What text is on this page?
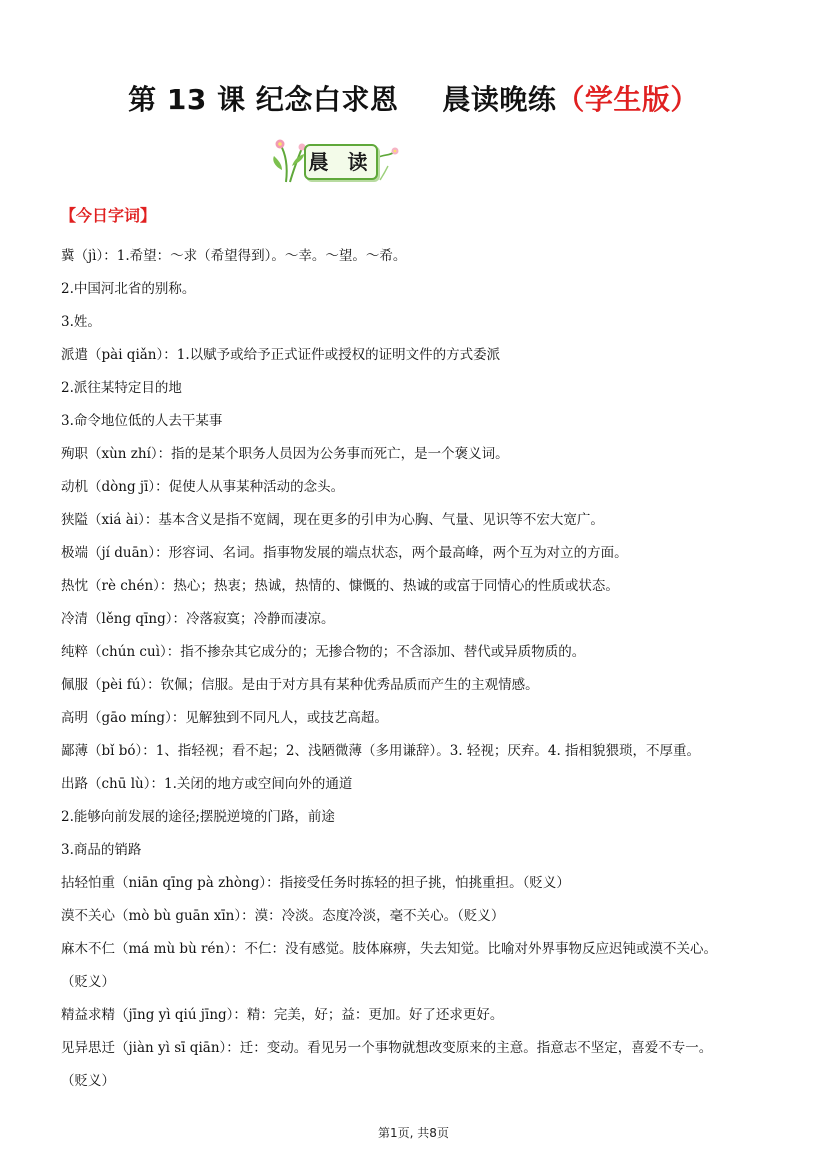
第 13 课 纪念白求恩 晨读晚练（学生版）
晨 读
【今日字词】
冀（jì）：1.希望：～求（希望得到）。～幸。～望。～希。
2.中国河北省的别称。
3.姓。
派遣（pài qiǎn）：1.以赋予或给予正式证件或授权的证明文件的方式委派
2.派往某特定目的地
3.命令地位低的人去干某事
殉职（xùn zhí）：指的是某个职务人员因为公务事而死亡，是一个褒义词。
动机（dòng jī）：促使人从事某种活动的念头。
狭隘（xiá ài）：基本含义是指不宽阔，现在更多的引申为心胸、气量、见识等不宏大宽广。
极端（jí duān）：形容词、名词。指事物发展的端点状态，两个最高峰，两个互为对立的方面。
热忱（rè chén）：热心；热衷；热诚，热情的、慷慨的、热诚的或富于同情心的性质或状态。
冷清（lěng qīng）：冷落寂寞；冷静而凄凉。
纯粹（chún cuì）：指不掺杂其它成分的；无掺合物的；不含添加、替代或异质物质的。
佩服（pèi fú）：钦佩；信服。是由于对方具有某种优秀品质而产生的主观情感。
高明（gāo míng）：见解独到不同凡人，或技艺高超。
鄙薄（bǐ bó）：1、指轻视；看不起；2、浅陋微薄（多用谦辞）。3. 轻视；厌弃。4. 指相貌猥琐，不厚重。
出路（chū lù）：1.关闭的地方或空间向外的通道
2.能够向前发展的途径;摆脱逆境的门路，前途
3.商品的销路
拈轻怕重（niān qīng pà zhòng）：指接受任务时拣轻的担子挑，怕挑重担。（贬义）
漠不关心（mò bù guān xīn）：漠：冷淡。态度冷淡，毫不关心。（贬义）
麻木不仁（má mù bù rén）：不仁：没有感觉。肢体麻痹，失去知觉。比喻对外界事物反应迟钝或漠不关心。
（贬义）
精益求精（jīng yì qiú jīng）：精：完美，好；益：更加。好了还求更好。
见异思迁（jiàn yì sī qiān）：迁：变动。看见另一个事物就想改变原来的主意。指意志不坚定，喜爱不专一。
（贬义）
第1页, 共8页
